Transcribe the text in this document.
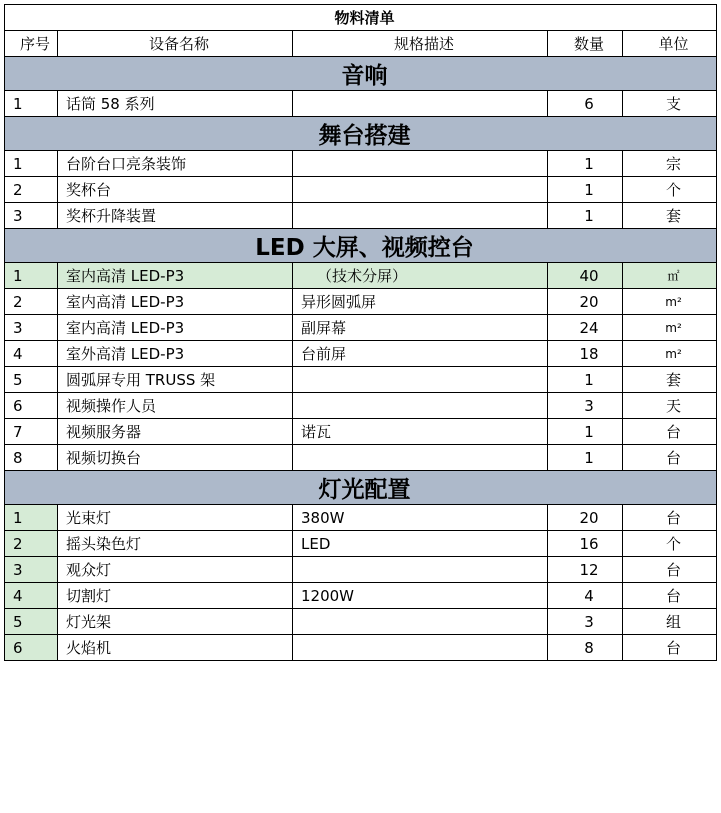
物料清单				
序号	设备名称	规格描述	数量	单位
音响				
1	话筒 58 系列		6	支
舞台搭建				
1	台阶台口亮条装饰		1	宗
2	奖杯台		1	个
3	奖杯升降装置		1	套
LED 大屏、视频控台				
1	室内高清 LED-P3	（技术分屏）	40	㎡
2	室内高清 LED-P3	异形圆弧屏	20	m²
3	室内高清 LED-P3	副屏幕	24	m²
4	室外高清 LED-P3	台前屏	18	m²
5	圆弧屏专用 TRUSS 架		1	套
6	视频操作人员		3	天
7	视频服务器	诺瓦	1	台
8	视频切换台		1	台
灯光配置				
1	光束灯	380W	20	台
2	摇头染色灯	LED	16	个
3	观众灯		12	台
4	切割灯	1200W	4	台
5	灯光架		3	组
6	火焰机		8	台
